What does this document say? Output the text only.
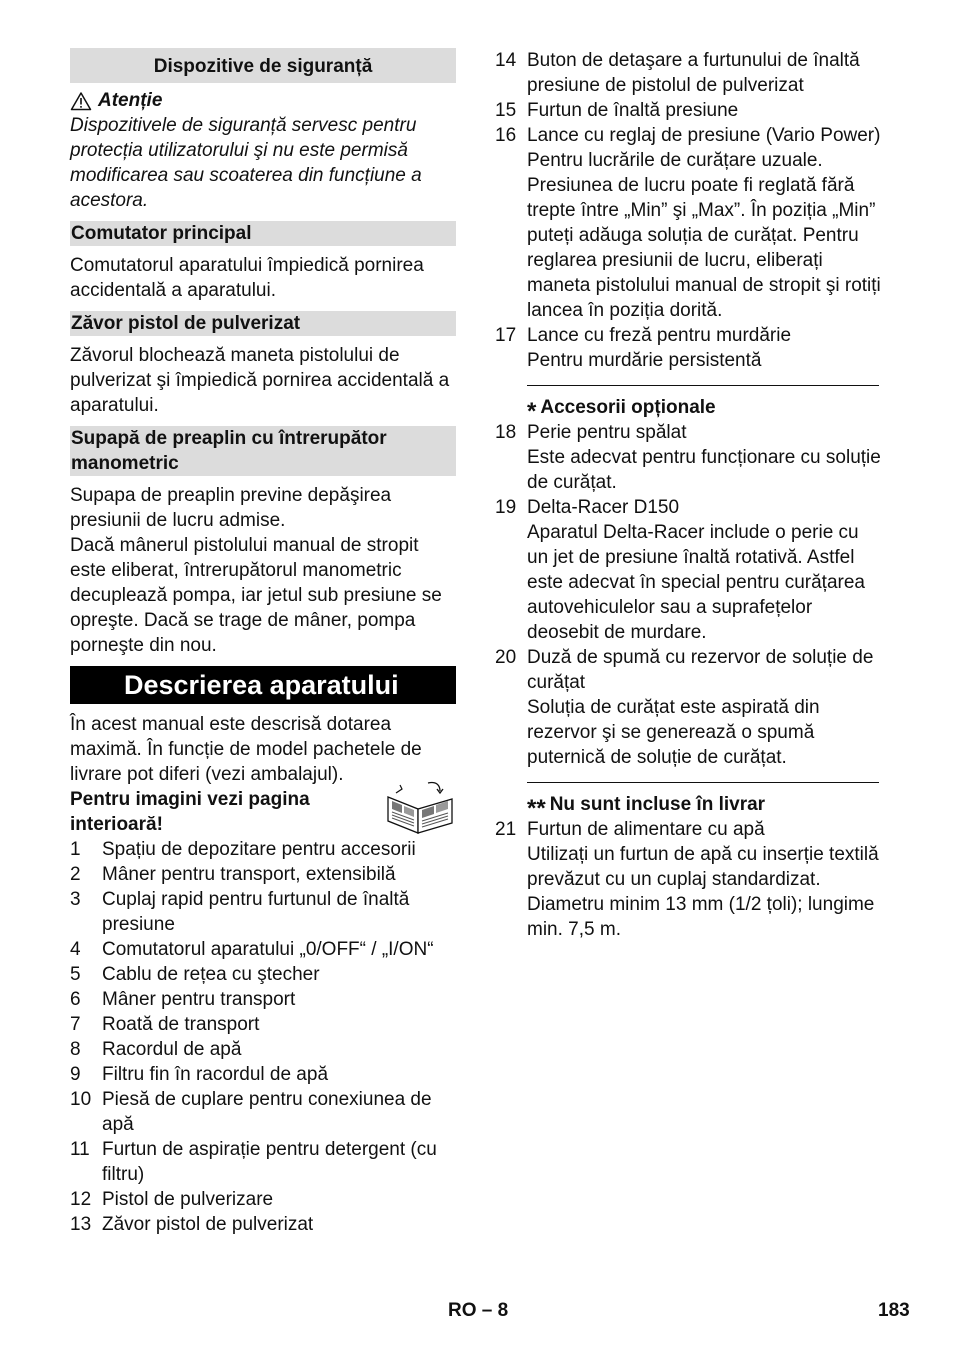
Dispozitive de siguranță
Atenție

Dispozitivele de siguranță servesc pentru protecția utilizatorului şi nu este permisă modificarea sau scoaterea din funcțiune a acestora.

Comutator principal

Comutatorul aparatului împiedică pornirea accidentală a aparatului.

Zăvor pistol de pulverizat

Zăvorul blochează maneta pistolului de pulverizat şi împiedică pornirea accidentală a aparatului.

Supapă de preaplin cu întrerupător manometric

Supapa de preaplin previne depăşirea presiunii de lucru admise.

Dacă mânerul pistolului manual de stropit este eliberat, întrerupătorul manometric decuplează pompa, iar jetul sub presiune se opreşte. Dacă se trage de mâner, pompa porneşte din nou.

Descrierea aparatului

În acest manual este descrisă dotarea maximă. În funcție de model pachetele de livrare pot diferi (vezi ambalajul).

Pentru imagini vezi pagina interioară!
1	Spațiu de depozitare pentru accesorii
2	Mâner pentru transport, extensibilă
3	Cuplaj rapid pentru furtunul de înaltă presiune
4	Comutatorul aparatului „0/OFF“ / „I/ON“
5	Cablu de rețea cu ştecher
6	Mâner pentru transport
7	Roată de transport
8	Racordul de apă
9	Filtru fin în racordul de apă
10 Piesă de cuplare pentru conexiunea de apă
11 Furtun de aspirație pentru detergent (cu filtru)
12 Pistol de pulverizare
13 Zăvor pistol de pulverizat
14 Buton de detaşare a furtunului de înaltă presiune de pistolul de pulverizat
15 Furtun de înaltă presiune
16 Lance cu reglaj de presiune (Vario Power)
Pentru lucrările de curățare uzuale. Presiunea de lucru poate fi reglată fără trepte între „Min” şi „Max”. În poziția „Min” puteți adăuga soluția de curățat. Pentru reglarea presiunii de lucru, eliberați maneta pistolului manual de stropit şi rotiți lancea în poziția dorită.
17 Lance cu freză pentru murdărie
Pentru murdărie persistentă
* Accesorii opționale
18 Perie pentru spălat
Este adecvat pentru funcționare cu soluție de curățat.
19 Delta-Racer D150
Aparatul Delta-Racer include o perie cu un jet de presiune înaltă rotativă. Astfel este adecvat în special pentru curățarea autovehiculelor sau a suprafețelor deosebit de murdare.
20 Duză de spumă cu rezervor de soluție de curățat
Soluția de curățat este aspirată din rezervor şi se generează o spumă puternică de soluție de curățat.
** Nu sunt incluse în livrar
21 Furtun de alimentare cu apă
Utilizați un furtun de apă cu inserție textilă prevăzut cu un cuplaj standardizat. Diametru minim 13 mm (1/2 țoli); lungime min. 7,5 m.
RO – 8	183
